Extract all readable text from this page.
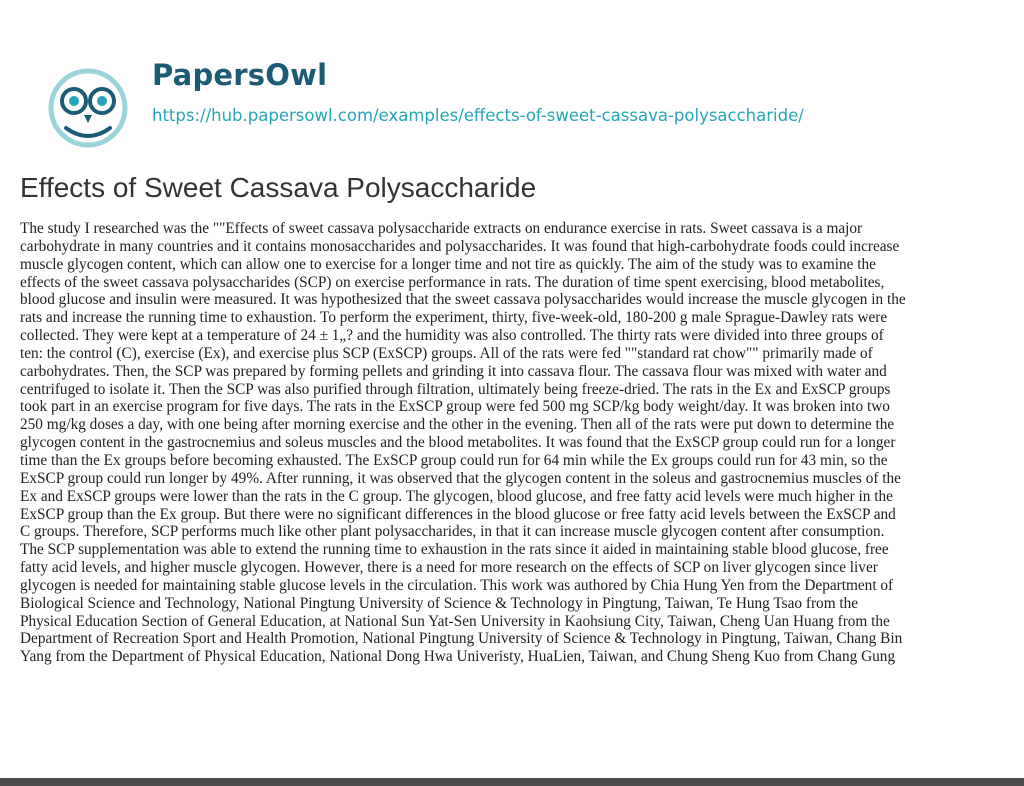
PapersOwl
https://hub.papersowl.com/examples/effects-of-sweet-cassava-polysaccharide/
Effects of Sweet Cassava Polysaccharide
The study I researched was the ""Effects of sweet cassava polysaccharide extracts on endurance exercise in rats. Sweet cassava is a major
carbohydrate in many countries and it contains monosaccharides and polysaccharides. It was found that high-carbohydrate foods could increase
muscle glycogen content, which can allow one to exercise for a longer time and not tire as quickly. The aim of the study was to examine the
effects of the sweet cassava polysaccharides (SCP) on exercise performance in rats. The duration of time spent exercising, blood metabolites,
blood glucose and insulin were measured. It was hypothesized that the sweet cassava polysaccharides would increase the muscle glycogen in the
rats and increase the running time to exhaustion. To perform the experiment, thirty, five-week-old, 180-200 g male Sprague-Dawley rats were
collected. They were kept at a temperature of 24 ± 1„? and the humidity was also controlled. The thirty rats were divided into three groups of
ten: the control (C), exercise (Ex), and exercise plus SCP (ExSCP) groups. All of the rats were fed ""standard rat chow"" primarily made of
carbohydrates. Then, the SCP was prepared by forming pellets and grinding it into cassava flour. The cassava flour was mixed with water and
centrifuged to isolate it. Then the SCP was also purified through filtration, ultimately being freeze-dried. The rats in the Ex and ExSCP groups
took part in an exercise program for five days. The rats in the ExSCP group were fed 500 mg SCP/kg body weight/day. It was broken into two
250 mg/kg doses a day, with one being after morning exercise and the other in the evening. Then all of the rats were put down to determine the
glycogen content in the gastrocnemius and soleus muscles and the blood metabolites. It was found that the ExSCP group could run for a longer
time than the Ex groups before becoming exhausted. The ExSCP group could run for 64 min while the Ex groups could run for 43 min, so the
ExSCP group could run longer by 49%. After running, it was observed that the glycogen content in the soleus and gastrocnemius muscles of the
Ex and ExSCP groups were lower than the rats in the C group. The glycogen, blood glucose, and free fatty acid levels were much higher in the
ExSCP group than the Ex group. But there were no significant differences in the blood glucose or free fatty acid levels between the ExSCP and
C groups. Therefore, SCP performs much like other plant polysaccharides, in that it can increase muscle glycogen content after consumption.
The SCP supplementation was able to extend the running time to exhaustion in the rats since it aided in maintaining stable blood glucose, free
fatty acid levels, and higher muscle glycogen. However, there is a need for more research on the effects of SCP on liver glycogen since liver
glycogen is needed for maintaining stable glucose levels in the circulation. This work was authored by Chia Hung Yen from the Department of
Biological Science and Technology, National Pingtung University of Science & Technology in Pingtung, Taiwan, Te Hung Tsao from the
Physical Education Section of General Education, at National Sun Yat-Sen University in Kaohsiung City, Taiwan, Cheng Uan Huang from the
Department of Recreation Sport and Health Promotion, National Pingtung University of Science & Technology in Pingtung, Taiwan, Chang Bin
Yang from the Department of Physical Education, National Dong Hwa Univeristy, HuaLien, Taiwan, and Chung Sheng Kuo from Chang Gung
